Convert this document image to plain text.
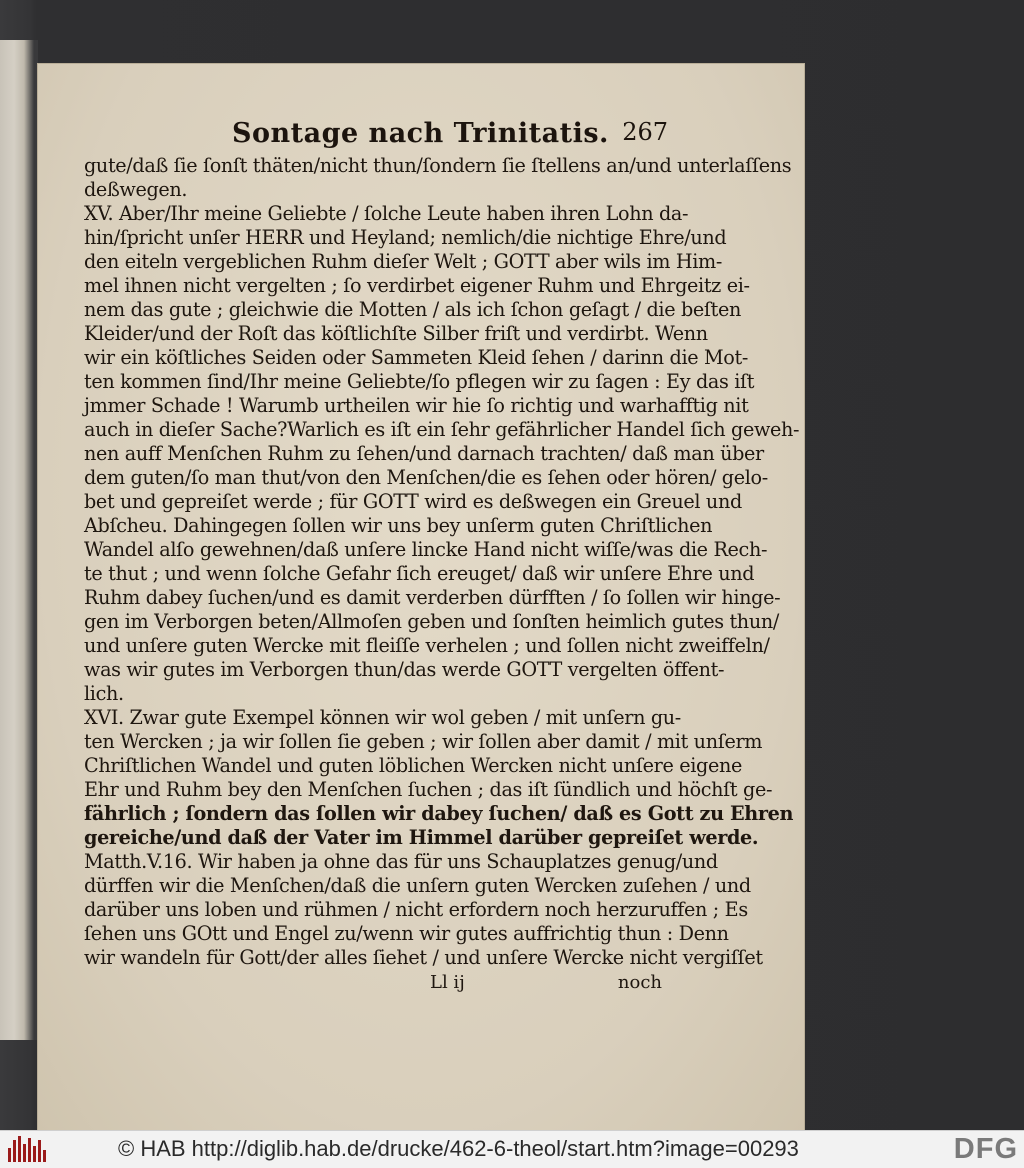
Sontage nach Trinitatis. 267
gute/daß ſie ſonſt thäten/nicht thun/ſondern ſie ſtellens an/und unterlaſſens
deßwegen.
XV. Aber/Ihr meine Geliebte / ſolche Leute haben ihren Lohn da-
hin/ſpricht unſer HERR und Heyland; nemlich/die nichtige Ehre/und
den eiteln vergeblichen Ruhm dieſer Welt ; GOTT aber wils im Him-
mel ihnen nicht vergelten ; ſo verdirbet eigener Ruhm und Ehrgeitz ei-
nem das gute ; gleichwie die Motten / als ich ſchon geſagt / die beſten
Kleider/und der Roſt das köſtlichſte Silber friſt und verdirbt. Wenn
wir ein köſtliches Seiden oder Sammeten Kleid ſehen / darinn die Mot-
ten kommen ſind/Ihr meine Geliebte/ſo pflegen wir zu ſagen : Ey das iſt
jmmer Schade ! Warumb urtheilen wir hie ſo richtig und warhafftig nit
auch in dieſer Sache?Warlich es iſt ein ſehr gefährlicher Handel ſich geweh-
nen auff Menſchen Ruhm zu ſehen/und darnach trachten/ daß man über
dem guten/ſo man thut/von den Menſchen/die es ſehen oder hören/ gelo-
bet und gepreiſet werde ; für GOTT wird es deßwegen ein Greuel und
Abſcheu. Dahingegen ſollen wir uns bey unſerm guten Chriſtlichen
Wandel alſo gewehnen/daß unſere lincke Hand nicht wiſſe/was die Rech-
te thut ; und wenn ſolche Gefahr ſich ereuget/ daß wir unſere Ehre und
Ruhm dabey ſuchen/und es damit verderben dürfften / ſo ſollen wir hinge-
gen im Verborgen beten/Allmoſen geben und ſonſten heimlich gutes thun/
und unſere guten Wercke mit fleiſſe verhelen ; und ſollen nicht zweiffeln/
was wir gutes im Verborgen thun/das werde GOTT vergelten öffent-
lich.
XVI. Zwar gute Exempel können wir wol geben / mit unſern gu-
ten Wercken ; ja wir ſollen ſie geben ; wir ſollen aber damit / mit unſerm
Chriſtlichen Wandel und guten löblichen Wercken nicht unſere eigene
Ehr und Ruhm bey den Menſchen ſuchen ; das iſt ſündlich und höchſt ge-
fährlich ; ſondern das ſollen wir dabey ſuchen/ daß es Gott zu Ehren
gereiche/und daß der Vater im Himmel darüber gepreiſet werde.
Matth.V.16. Wir haben ja ohne das für uns Schauplatzes genug/und
dürffen wir die Menſchen/daß die unſern guten Wercken zuſehen / und
darüber uns loben und rühmen / nicht erfordern noch herzuruffen ; Es
ſehen uns GOtt und Engel zu/wenn wir gutes auffrichtig thun : Denn
wir wandeln für Gott/der alles ſiehet / und unſere Wercke nicht vergiſſet
Ll ij	noch
© HAB http://diglib.hab.de/drucke/462-6-theol/start.htm?image=00293	DFG
